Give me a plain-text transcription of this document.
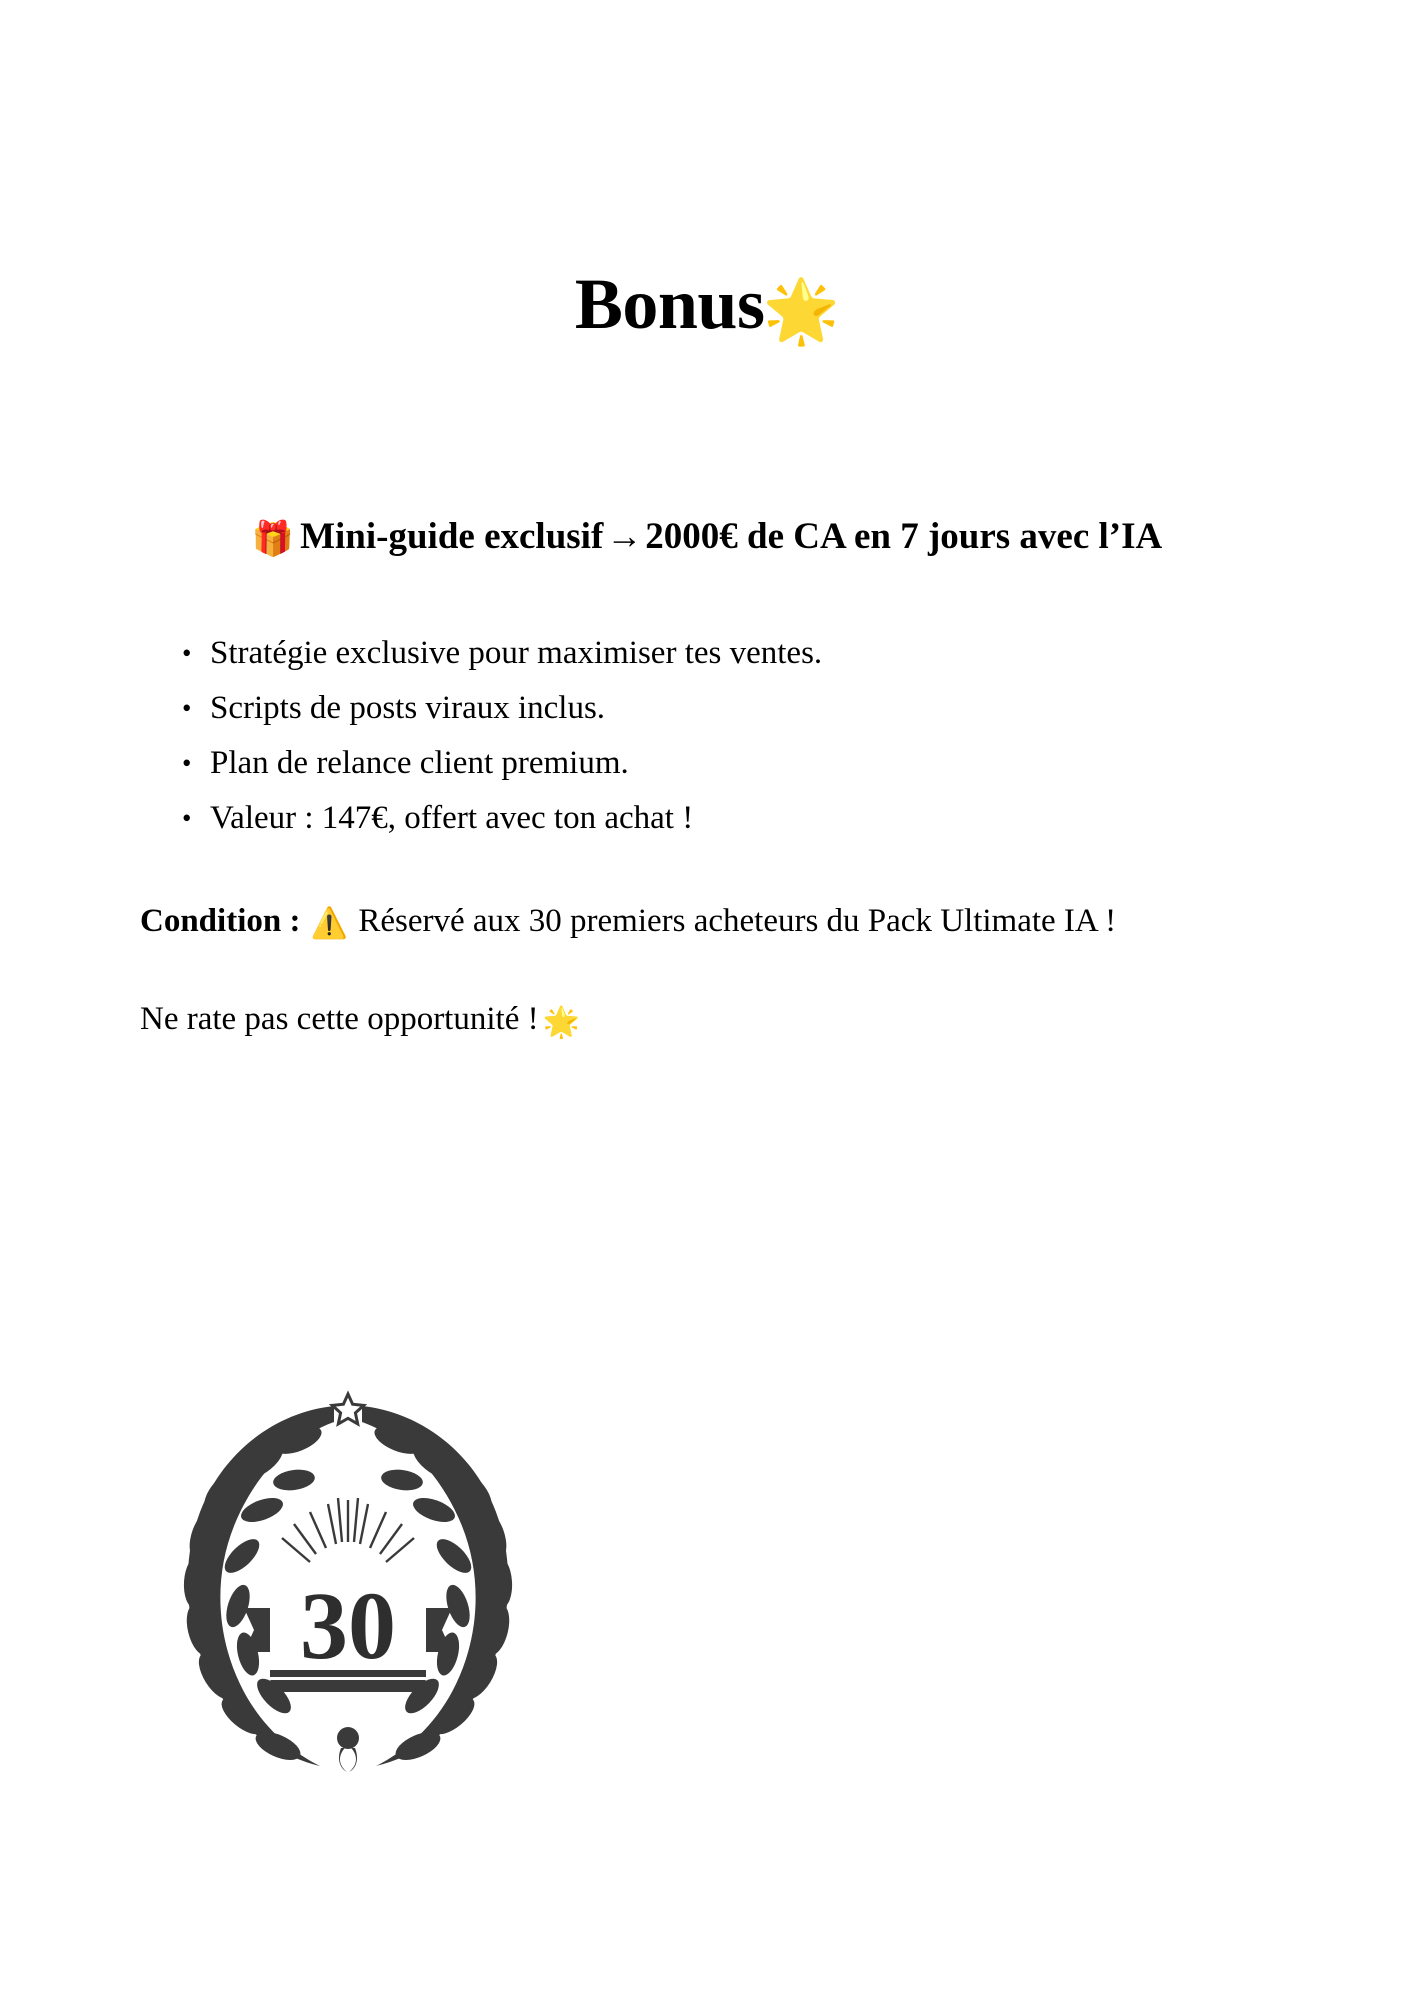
Bonus🌟
🎁 Mini-guide exclusif→2000€ de CA en 7 jours avec l’IA
• Stratégie exclusive pour maximiser tes ventes.
• Scripts de posts viraux inclus.
• Plan de relance client premium.
• Valeur : 147€, offert avec ton achat !
Condition : ⚠️ Réservé aux 30 premiers acheteurs du Pack Ultimate IA !
Ne rate pas cette opportunité ! 🌟
30
